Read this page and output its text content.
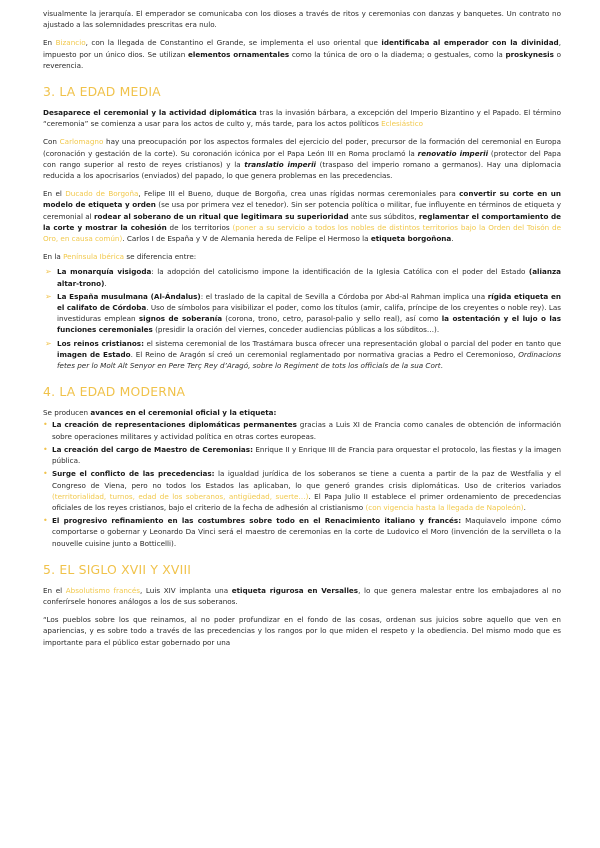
visualmente la jerarquía. El emperador se comunicaba con los dioses a través de ritos y ceremonias con danzas y banquetes. Un contrato no ajustado a las solemnidades prescritas era nulo.

En Bizancio, con la llegada de Constantino el Grande, se implementa el uso oriental que identificaba al emperador con la divinidad, impuesto por un único dios. Se utilizan elementos ornamentales como la túnica de oro o la diadema; o gestuales, como la proskynesis o reverencia.

3. LA EDAD MEDIA

Desaparece el ceremonial y la actividad diplomática tras la invasión bárbara, a excepción del Imperio Bizantino y el Papado. El término “ceremonia” se comienza a usar para los actos de culto y, más tarde, para los actos políticos Eclesiástico

Con Carlomagno hay una preocupación por los aspectos formales del ejercicio del poder, precursor de la formación del ceremonial en Europa (coronación y gestación de la corte). Su coronación icónica por el Papa León III en Roma proclamó la renovatio imperii (protector del Papa con rango superior al resto de reyes cristianos) y la translatio imperii (traspaso del imperio romano a germanos). Hay una diplomacia reducida a los apocrisarios (enviados) del papado, lo que genera problemas en las precedencias.

En el Ducado de Borgoña, Felipe III el Bueno, duque de Borgoña, crea unas rígidas normas ceremoniales para convertir su corte en un modelo de etiqueta y orden (se usa por primera vez el tenedor). Sin ser potencia política o militar, fue influyente en términos de etiqueta y ceremonial al rodear al soberano de un ritual que legitimara su superioridad ante sus súbditos, reglamentar el comportamiento de la corte y mostrar la cohesión de los territorios (poner a su servicio a todos los nobles de distintos territorios bajo la Orden del Toisón de Oro, en causa común). Carlos I de España y V de Alemania hereda de Felipe el Hermoso la etiqueta borgoñona.

En la Península Ibérica se diferencia entre:

➢ La monarquía visigoda: la adopción del catolicismo impone la identificación de la Iglesia Católica con el poder del Estado (alianza altar-trono).
➢ La España musulmana (Al-Ándalus): el traslado de la capital de Sevilla a Córdoba por Abd-al Rahman implica una rígida etiqueta en el califato de Córdoba. Uso de símbolos para visibilizar el poder, como los títulos (amir, califa, príncipe de los creyentes o noble rey). Las investiduras emplean signos de soberanía (corona, trono, cetro, parasol-palio y sello real), así como la ostentación y el lujo o las funciones ceremoniales (presidir la oración del viernes, conceder audiencias públicas a los súbditos…).
➢ Los reinos cristianos: el sistema ceremonial de los Trastámara busca ofrecer una representación global o parcial del poder en tanto que imagen de Estado. El Reino de Aragón sí creó un ceremonial reglamentado por normativa gracias a Pedro el Ceremonioso, Ordinacions fetes per lo Molt Alt Senyor en Pere Terç Rey d’Aragó, sobre lo Regiment de tots los officials de la sua Cort.
4. LA EDAD MODERNA

Se producen avances en el ceremonial oficial y la etiqueta:

• La creación de representaciones diplomáticas permanentes gracias a Luis XI de Francia como canales de obtención de información sobre operaciones militares y actividad política en otras cortes europeas.
• La creación del cargo de Maestro de Ceremonias: Enrique II y Enrique III de Francia para orquestar el protocolo, las fiestas y la imagen pública.
• Surge el conflicto de las precedencias: la igualdad jurídica de los soberanos se tiene a cuenta a partir de la paz de Westfalia y el Congreso de Viena, pero no todos los Estados las aplicaban, lo que generó grandes crisis diplomáticas. Uso de criterios variados (territorialidad, turnos, edad de los soberanos, antigüedad, suerte…). El Papa Julio II establece el primer ordenamiento de precedencias oficiales de los reyes cristianos, bajo el criterio de la fecha de adhesión al cristianismo (con vigencia hasta la llegada de Napoleón).
• El progresivo refinamiento en las costumbres sobre todo en el Renacimiento italiano y francés: Maquiavelo impone cómo comportarse o gobernar y Leonardo Da Vinci será el maestro de ceremonias en la corte de Ludovico el Moro (invención de la servilleta o la nouvelle cuisine junto a Botticelli).
5. EL SIGLO XVII Y XVIII

En el Absolutismo francés, Luis XIV implanta una etiqueta rigurosa en Versalles, lo que genera malestar entre los embajadores al no conferírsele honores análogos a los de sus soberanos.

“Los pueblos sobre los que reinamos, al no poder profundizar en el fondo de las cosas, ordenan sus juicios sobre aquello que ven en apariencias, y es sobre todo a través de las precedencias y los rangos por lo que miden el respeto y la obediencia. Del mismo modo que es importante para el público estar gobernado por una
